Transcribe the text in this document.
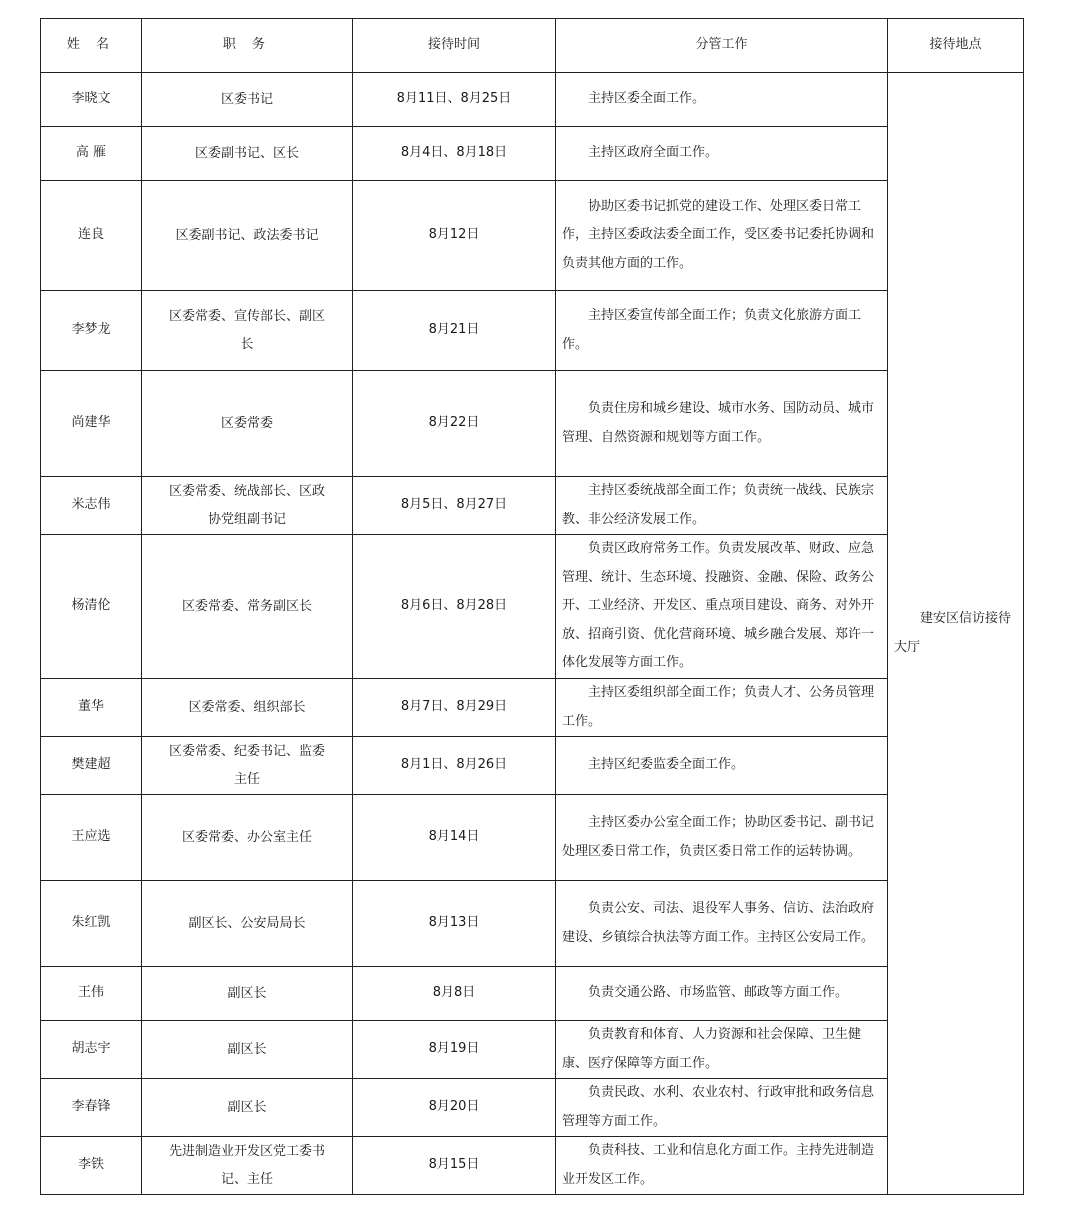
姓 名	职 务	接待时间	分管工作	接待地点
李晓文	区委书记	8月11日、8月25日	主持区委全面工作。	建安区信访接待大厅
高 雁	区委副书记、区长	8月4日、8月18日	主持区政府全面工作。	
连良	区委副书记、政法委书记	8月12日	协助区委书记抓党的建设工作、处理区委日常工作，主持区委政法委全面工作，受区委书记委托协调和负责其他方面的工作。	
李梦龙	区委常委、宣传部长、副区长	8月21日	主持区委宣传部全面工作；负责文化旅游方面工作。	
尚建华	区委常委	8月22日	负责住房和城乡建设、城市水务、国防动员、城市管理、自然资源和规划等方面工作。	
米志伟	区委常委、统战部长、区政协党组副书记	8月5日、8月27日	主持区委统战部全面工作；负责统一战线、民族宗教、非公经济发展工作。	
杨清伦	区委常委、常务副区长	8月6日、8月28日	负责区政府常务工作。负责发展改革、财政、应急管理、统计、生态环境、投融资、金融、保险、政务公开、工业经济、开发区、重点项目建设、商务、对外开放、招商引资、优化营商环境、城乡融合发展、郑许一体化发展等方面工作。	
董华	区委常委、组织部长	8月7日、8月29日	主持区委组织部全面工作；负责人才、公务员管理工作。	
樊建超	区委常委、纪委书记、监委主任	8月1日、8月26日	主持区纪委监委全面工作。	
王应选	区委常委、办公室主任	8月14日	主持区委办公室全面工作；协助区委书记、副书记处理区委日常工作，负责区委日常工作的运转协调。	
朱红凯	副区长、公安局局长	8月13日	负责公安、司法、退役军人事务、信访、法治政府建设、乡镇综合执法等方面工作。主持区公安局工作。	
王伟	副区长	8月8日	负责交通公路、市场监管、邮政等方面工作。	
胡志宇	副区长	8月19日	负责教育和体育、人力资源和社会保障、卫生健康、医疗保障等方面工作。	
李春锋	副区长	8月20日	负责民政、水利、农业农村、行政审批和政务信息管理等方面工作。	
李铁	先进制造业开发区党工委书记、主任	8月15日	负责科技、工业和信息化方面工作。主持先进制造业开发区工作。	
